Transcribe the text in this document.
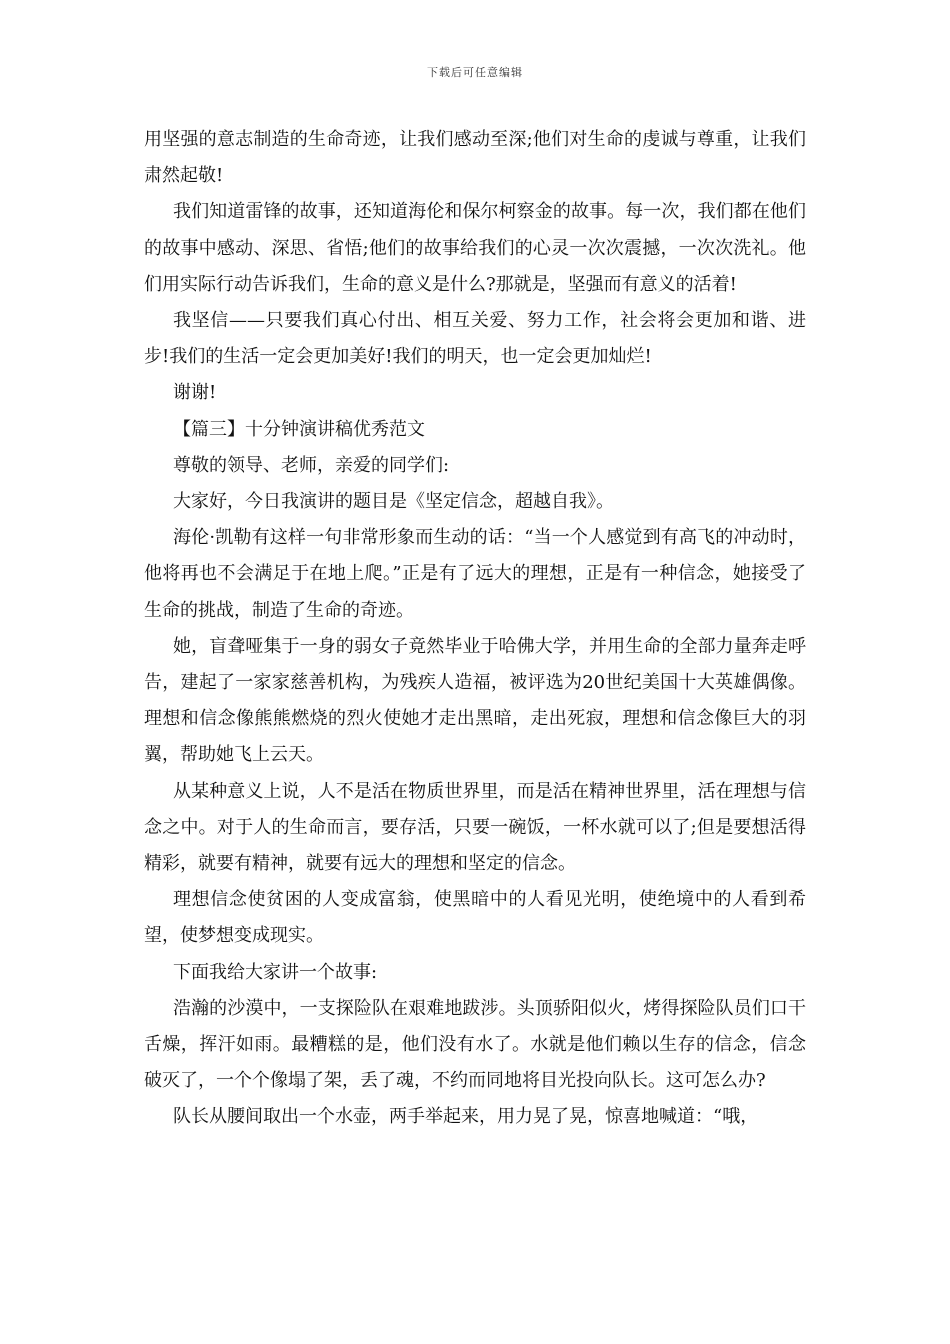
下载后可任意编辑

用坚强的意志制造的生命奇迹，让我们感动至深;他们对生命的虔诚与尊重，让我们肃然起敬!

我们知道雷锋的故事，还知道海伦和保尔柯察金的故事。每一次，我们都在他们的故事中感动、深思、省悟;他们的故事给我们的心灵一次次震撼，一次次洗礼。他们用实际行动告诉我们，生命的意义是什么?那就是，坚强而有意义的活着!

我坚信——只要我们真心付出、相互关爱、努力工作，社会将会更加和谐、进步!我们的生活一定会更加美好!我们的明天，也一定会更加灿烂!

谢谢!

【篇三】十分钟演讲稿优秀范文

尊敬的领导、老师，亲爱的同学们:

大家好，今日我演讲的题目是《坚定信念，超越自我》。

海伦·凯勒有这样一句非常形象而生动的话：“当一个人感觉到有高飞的冲动时，他将再也不会满足于在地上爬。”正是有了远大的理想，正是有一种信念，她接受了生命的挑战，制造了生命的奇迹。

她，盲聋哑集于一身的弱女子竟然毕业于哈佛大学，并用生命的全部力量奔走呼告，建起了一家家慈善机构，为残疾人造福，被评选为20世纪美国十大英雄偶像。理想和信念像熊熊燃烧的烈火使她才走出黑暗，走出死寂，理想和信念像巨大的羽翼，帮助她飞上云天。

从某种意义上说，人不是活在物质世界里，而是活在精神世界里，活在理想与信念之中。对于人的生命而言，要存活，只要一碗饭，一杯水就可以了;但是要想活得精彩，就要有精神，就要有远大的理想和坚定的信念。

理想信念使贫困的人变成富翁，使黑暗中的人看见光明，使绝境中的人看到希望，使梦想变成现实。

下面我给大家讲一个故事:

浩瀚的沙漠中，一支探险队在艰难地跋涉。头顶骄阳似火，烤得探险队员们口干舌燥，挥汗如雨。最糟糕的是，他们没有水了。水就是他们赖以生存的信念，信念破灭了，一个个像塌了架，丢了魂，不约而同地将目光投向队长。这可怎么办?

队长从腰间取出一个水壶，两手举起来，用力晃了晃，惊喜地喊道：“哦，
